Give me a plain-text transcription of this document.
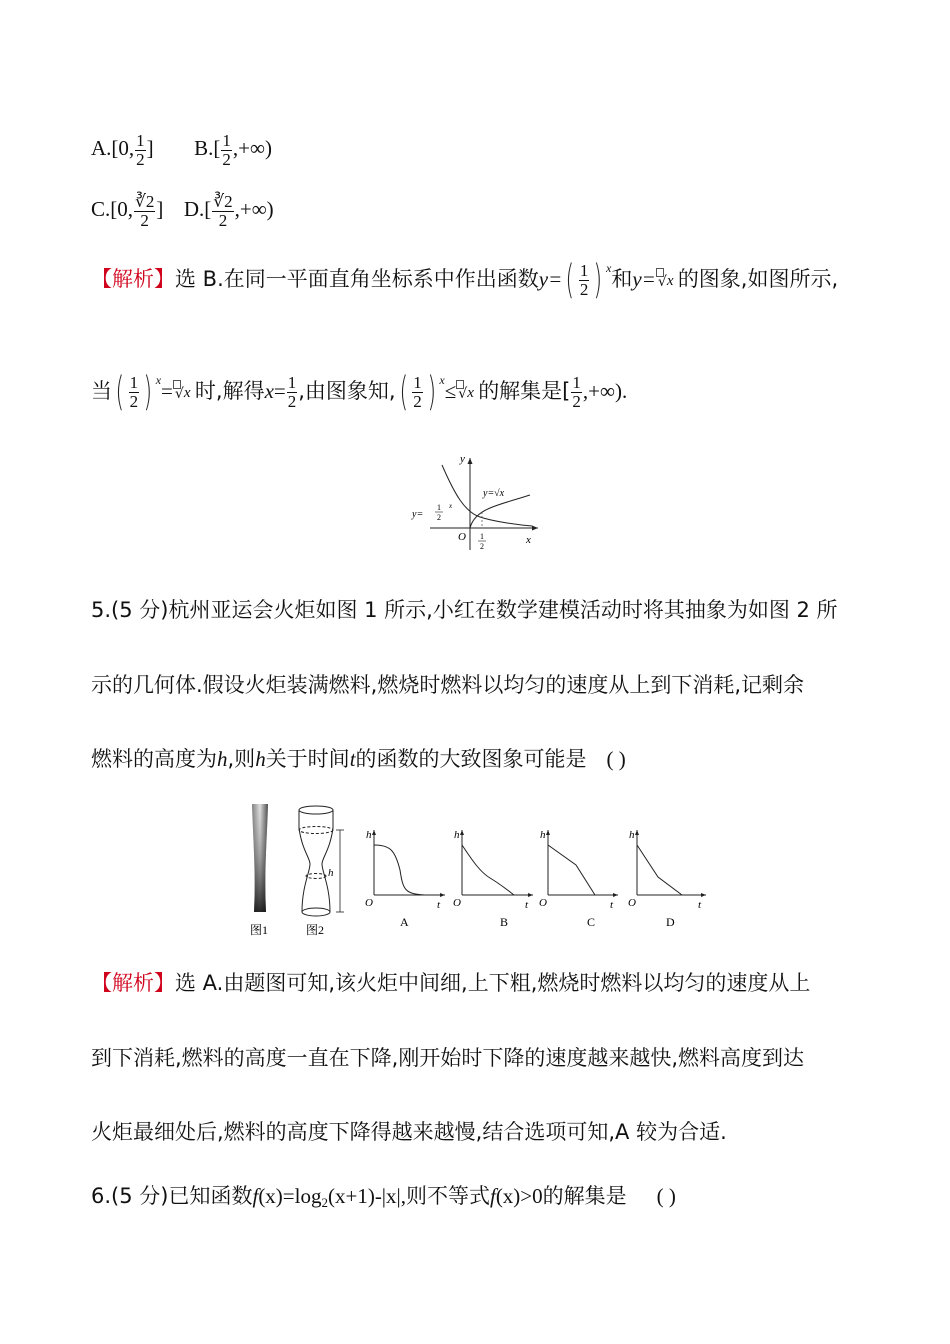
A.[0, $\frac{1}{2}$ ] $B.[ \frac{1}{2}$ ,+∞)
C.[0, $\frac{∛2}{2}$ ] $D.[ \frac{∛2}{2}$ ,+∞)
【解析】选 B.在同一平面直角坐标系中作出函数$y=( \frac{1}{2}$ ) $^x$和y= √ x 的图象,如图所示,
当( $\frac{1}{2}$ ) $^x$= √ x 时,解得$x= \frac{1}{2}$ ,由图象知,( $\frac{1}{2}$ ) $^x$≤ √ x 的解集是[ $\frac{1}{2}$ ,+∞).
y
x
O
y=√x
y=
1
2
x
1
2
5.(5 分)杭州亚运会火炬如图 1 所示,小红在数学建模活动时将其抽象为如图 2 所
示的几何体.假设火炬装满燃料,燃烧时燃料以均匀的速度从上到下消耗,记剩余
燃料的高度为h,则h关于时间t的函数的大致图象可能是 ( )
图1
h
图2
h
t
O
A
h
t
O
B
h
t
O
C
h
t
O
D
【解析】选 A.由题图可知,该火炬中间细,上下粗,燃烧时燃料以均匀的速度从上
到下消耗,燃料的高度一直在下降,刚开始时下降的速度越来越快,燃料高度到达
火炬最细处后,燃料的高度下降得越来越慢,结合选项可知,A 较为合适.
6.(5 分)已知函数f(x)=log2(x+1)-|x|,则不等式f(x)>0的解集是 ( )
